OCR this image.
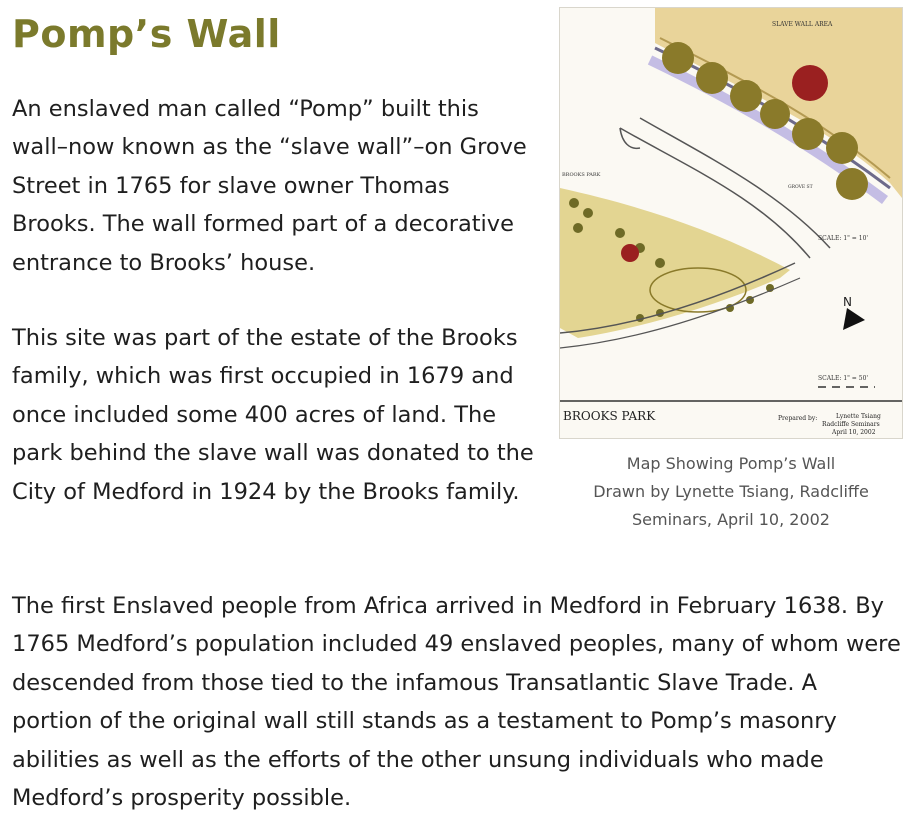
Pomp’s Wall

An enslaved man called “Pomp” built this wall–now known as the “slave wall”–on Grove Street in 1765 for slave owner Thomas Brooks. The wall formed part of a decorative entrance to Brooks’ house.

This site was part of the estate of the Brooks family, which was first occupied in 1679 and once included some 400 acres of land. The park behind the slave wall was donated to the City of Medford in 1924 by the Brooks family.

N
SLAVE WALL AREA
SCALE: 1" = 10'
SCALE: 1" = 50'
BROOKS PARK
GROVE ST
BROOKS PARK	Prepared by:	Lynette Tsiang
Radcliffe Seminars
April 10, 2002

Map Showing Pomp’s Wall
Drawn by Lynette Tsiang, Radcliffe
Seminars, April 10, 2002

The first Enslaved people from Africa arrived in Medford in February 1638. By 1765 Medford’s population included 49 enslaved peoples, many of whom were descended from those tied to the infamous Transatlantic Slave Trade. A portion of the original wall still stands as a testament to Pomp’s masonry abilities as well as the efforts of the other unsung individuals who made Medford’s prosperity possible.
